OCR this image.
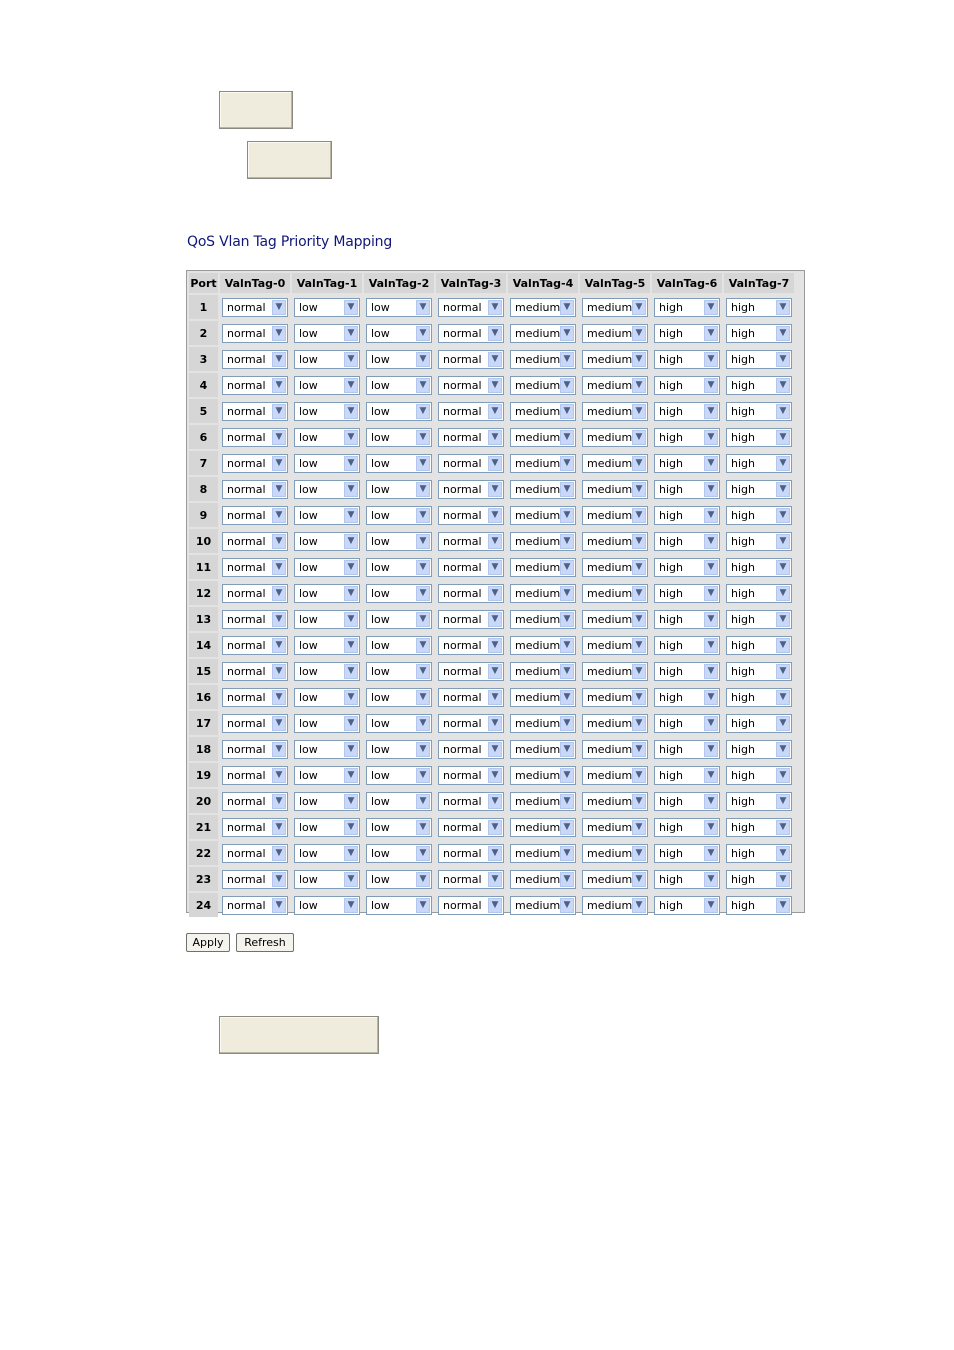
QoS Vlan Tag Priority Mapping
Port	ValnTag-0	ValnTag-1	ValnTag-2	ValnTag-3	ValnTag-4	ValnTag-5	ValnTag-6	ValnTag-7
1	normal ▼	low ▼	low ▼	normal ▼	medium ▼	medium ▼	high ▼	high ▼

2	normal ▼	low ▼	low ▼	normal ▼	medium ▼	medium ▼	high ▼	high ▼

3	normal ▼	low ▼	low ▼	normal ▼	medium ▼	medium ▼	high ▼	high ▼

4	normal ▼	low ▼	low ▼	normal ▼	medium ▼	medium ▼	high ▼	high ▼

5	normal ▼	low ▼	low ▼	normal ▼	medium ▼	medium ▼	high ▼	high ▼

6	normal ▼	low ▼	low ▼	normal ▼	medium ▼	medium ▼	high ▼	high ▼

7	normal ▼	low ▼	low ▼	normal ▼	medium ▼	medium ▼	high ▼	high ▼

8	normal ▼	low ▼	low ▼	normal ▼	medium ▼	medium ▼	high ▼	high ▼

9	normal ▼	low ▼	low ▼	normal ▼	medium ▼	medium ▼	high ▼	high ▼

10	normal ▼	low ▼	low ▼	normal ▼	medium ▼	medium ▼	high ▼	high ▼

11	normal ▼	low ▼	low ▼	normal ▼	medium ▼	medium ▼	high ▼	high ▼

12	normal ▼	low ▼	low ▼	normal ▼	medium ▼	medium ▼	high ▼	high ▼

13	normal ▼	low ▼	low ▼	normal ▼	medium ▼	medium ▼	high ▼	high ▼

14	normal ▼	low ▼	low ▼	normal ▼	medium ▼	medium ▼	high ▼	high ▼

15	normal ▼	low ▼	low ▼	normal ▼	medium ▼	medium ▼	high ▼	high ▼

16	normal ▼	low ▼	low ▼	normal ▼	medium ▼	medium ▼	high ▼	high ▼

17	normal ▼	low ▼	low ▼	normal ▼	medium ▼	medium ▼	high ▼	high ▼

18	normal ▼	low ▼	low ▼	normal ▼	medium ▼	medium ▼	high ▼	high ▼

19	normal ▼	low ▼	low ▼	normal ▼	medium ▼	medium ▼	high ▼	high ▼

20	normal ▼	low ▼	low ▼	normal ▼	medium ▼	medium ▼	high ▼	high ▼

21	normal ▼	low ▼	low ▼	normal ▼	medium ▼	medium ▼	high ▼	high ▼

22	normal ▼	low ▼	low ▼	normal ▼	medium ▼	medium ▼	high ▼	high ▼

23	normal ▼	low ▼	low ▼	normal ▼	medium ▼	medium ▼	high ▼	high ▼

24	normal ▼	low ▼	low ▼	normal ▼	medium ▼	medium ▼	high ▼	high ▼
Apply	Refresh
